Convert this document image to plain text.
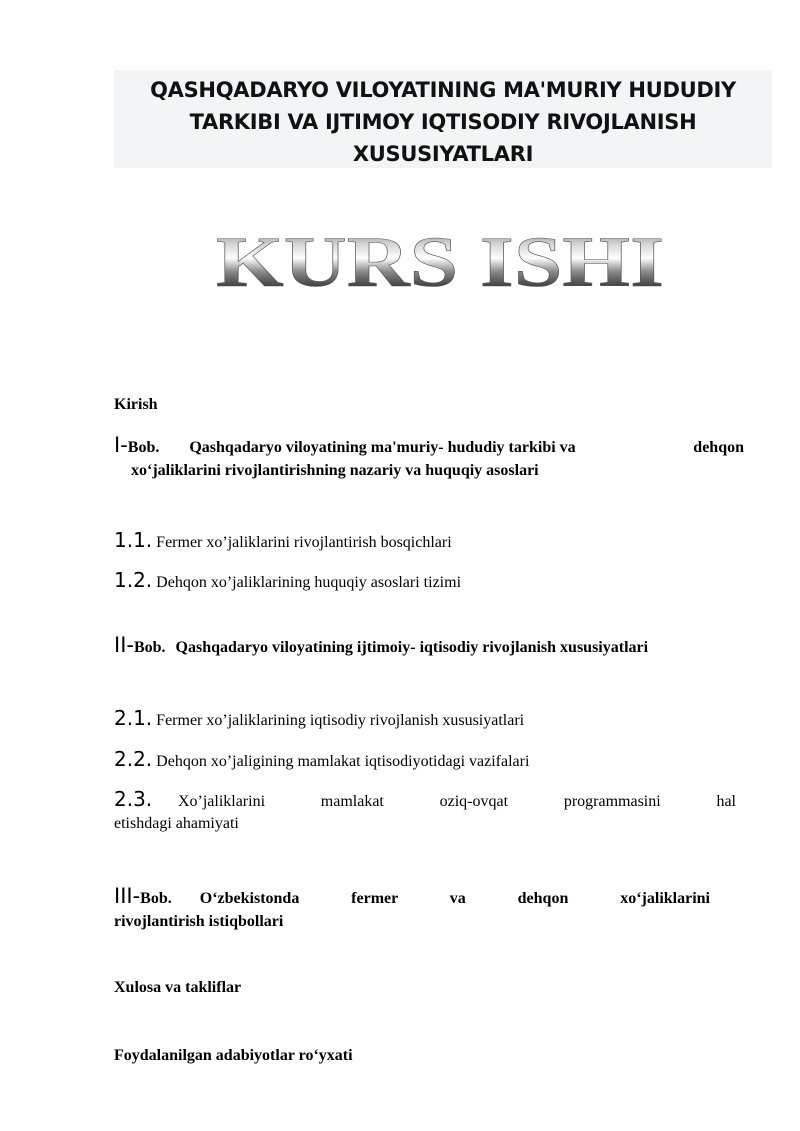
QASHQADARYO VILOYATINING MA'MURIY HUDUDIY TARKIBI VA IJTIMOY IQTISODIY RIVOJLANISH XUSUSIYATLARI

KURS ISHI
Kirish
I- Bob. Qashqadaryo viloyatining ma'muriy- hududiy tarkibi va	dehqon
xo‘jaliklarini rivojlantirishning nazariy va huquqiy asoslari
1.1. Fermer xo’jaliklarini rivojlantirish bosqichlari
1.2. Dehqon xo’jaliklarining huquqiy asoslari tizimi
II-Bob. Qashqadaryo viloyatining ijtimoiy- iqtisodiy rivojlanish xususiyatlari
2.1. Fermer xo’jaliklarining iqtisodiy rivojlanish xususiyatlari
2.2. Dehqon xo’jaligining mamlakat iqtisodiyotidagi vazifalari
2.3. Xo’jaliklarini mamlakat oziq-ovqat programmasini hal
etishdagi ahamiyati
III- Bob. O‘zbekistonda fermer va dehqon xo‘jaliklarini
rivojlantirish istiqbollari
Xulosa va takliflar
Foydalanilgan adabiyotlar ro‘yxati
